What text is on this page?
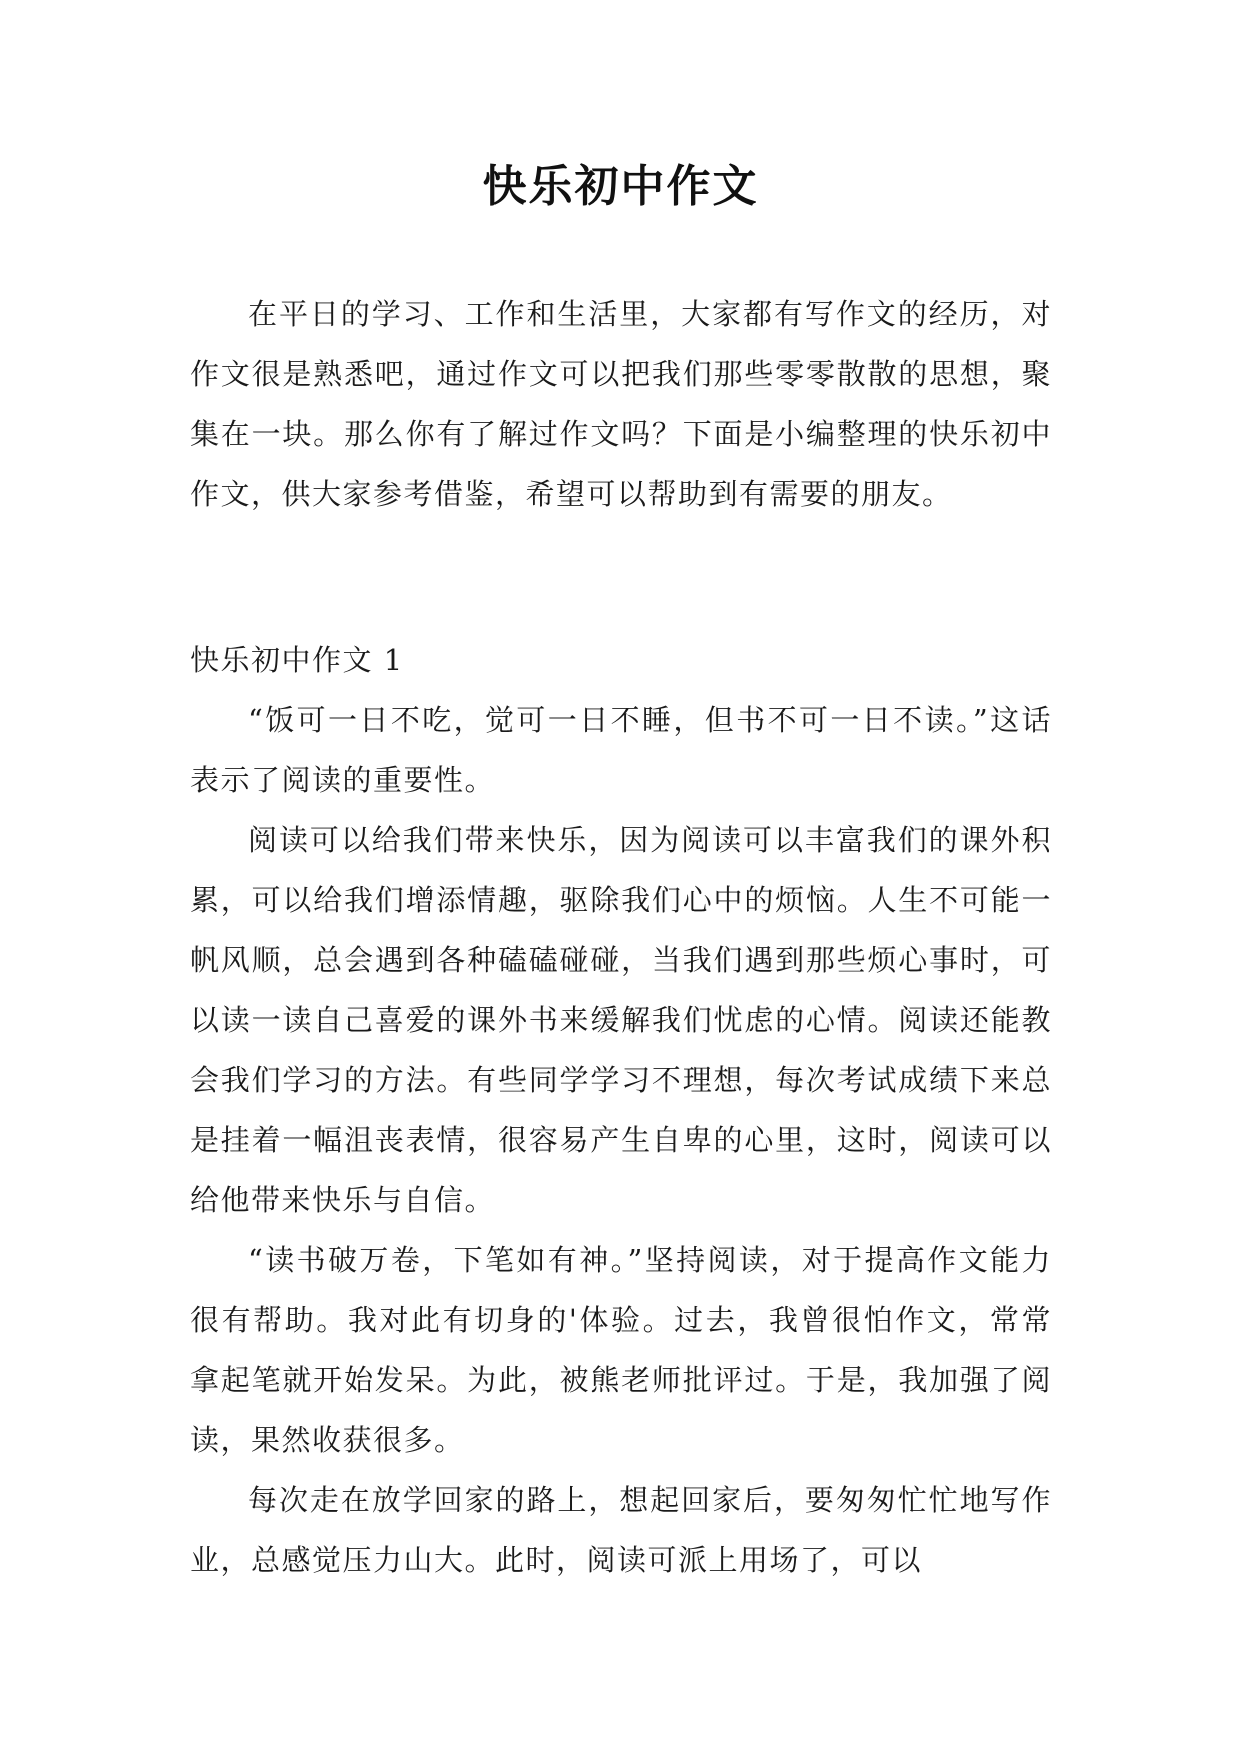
快乐初中作文

在平日的学习、工作和生活里，大家都有写作文的经历，对作文很是熟悉吧，通过作文可以把我们那些零零散散的思想，聚集在一块。那么你有了解过作文吗？下面是小编整理的快乐初中作文，供大家参考借鉴，希望可以帮助到有需要的朋友。

快乐初中作文 1

“饭可一日不吃，觉可一日不睡，但书不可一日不读。”这话表示了阅读的重要性。

阅读可以给我们带来快乐，因为阅读可以丰富我们的课外积累，可以给我们增添情趣，驱除我们心中的烦恼。人生不可能一帆风顺，总会遇到各种磕磕碰碰，当我们遇到那些烦心事时，可以读一读自己喜爱的课外书来缓解我们忧虑的心情。阅读还能教会我们学习的方法。有些同学学习不理想，每次考试成绩下来总是挂着一幅沮丧表情，很容易产生自卑的心里，这时，阅读可以给他带来快乐与自信。

“读书破万卷，下笔如有神。”坚持阅读，对于提高作文能力很有帮助。我对此有切身的'体验。过去，我曾很怕作文，常常拿起笔就开始发呆。为此，被熊老师批评过。于是，我加强了阅读，果然收获很多。

每次走在放学回家的路上，想起回家后，要匆匆忙忙地写作业，总感觉压力山大。此时，阅读可派上用场了，可以
